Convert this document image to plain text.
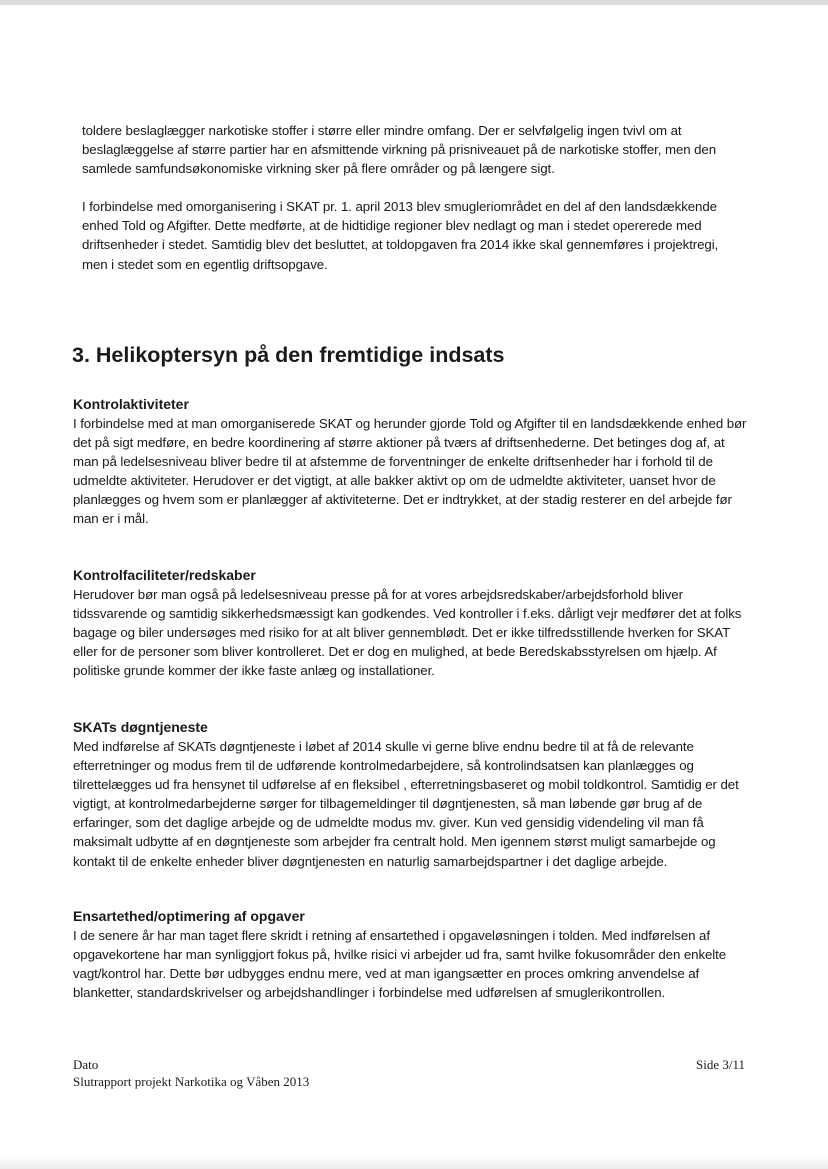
toldere beslaglægger narkotiske stoffer i større eller mindre omfang. Der er selvfølgelig ingen tvivl om at beslaglæggelse af større partier har en afsmittende virkning på prisniveauet på de narkotiske stoffer, men den samlede samfundsøkonomiske virkning sker på flere områder og på længere sigt.

I forbindelse med omorganisering i SKAT pr. 1. april 2013 blev smugleriområdet en del af den landsdækkende enhed Told og Afgifter. Dette medførte, at de hidtidige regioner blev nedlagt og man i stedet opererede med driftsenheder i stedet. Samtidig blev det besluttet, at toldopgaven fra 2014 ikke skal gennemføres i projektregi, men i stedet som en egentlig driftsopgave.

3. Helikoptersyn på den fremtidige indsats

Kontrolaktiviteter

I forbindelse med at man omorganiserede SKAT og herunder gjorde Told og Afgifter til en landsdækkende enhed bør det på sigt medføre, en bedre koordinering af større aktioner på tværs af driftsenhederne. Det betinges dog af, at man på ledelsesniveau bliver bedre til at afstemme de forventninger de enkelte driftsenheder har i forhold til de udmeldte aktiviteter. Herudover er det vigtigt, at alle bakker aktivt op om de udmeldte aktiviteter, uanset hvor de planlægges og hvem som er planlægger af aktiviteterne. Det er indtrykket, at der stadig resterer en del arbejde før man er i mål.

Kontrolfaciliteter/redskaber

Herudover bør man også på ledelsesniveau presse på for at vores arbejdsredskaber/arbejdsforhold bliver tidssvarende og samtidig sikkerhedsmæssigt kan godkendes. Ved kontroller i f.eks. dårligt vejr medfører det at folks bagage og biler undersøges med risiko for at alt bliver gennemblødt. Det er ikke tilfredsstillende hverken for SKAT eller for de personer som bliver kontrolleret. Det er dog en mulighed, at bede Beredskabsstyrelsen om hjælp. Af politiske grunde kommer der ikke faste anlæg og installationer.

SKATs døgntjeneste

Med indførelse af SKATs døgntjeneste i løbet af 2014 skulle vi gerne blive endnu bedre til at få de relevante efterretninger og modus frem til de udførende kontrolmedarbejdere, så kontrolindsatsen kan planlægges og tilrettelægges ud fra hensynet til udførelse af en fleksibel , efterretningsbaseret og mobil toldkontrol. Samtidig er det vigtigt, at kontrolmedarbejderne sørger for tilbagemeldinger til døgntjenesten, så man løbende gør brug af de erfaringer, som det daglige arbejde og de udmeldte modus mv. giver. Kun ved gensidig videndeling vil man få maksimalt udbytte af en døgntjeneste som arbejder fra centralt hold. Men igennem størst muligt samarbejde og kontakt til de enkelte enheder bliver døgntjenesten en naturlig samarbejdspartner i det daglige arbejde.

Ensartethed/optimering af opgaver

I de senere år har man taget flere skridt i retning af ensartethed i opgaveløsningen i tolden. Med indførelsen af opgavekortene har man synliggjort fokus på, hvilke risici vi arbejder ud fra, samt hvilke fokusområder den enkelte vagt/kontrol har. Dette bør udbygges endnu mere, ved at man igangsætter en proces omkring anvendelse af blanketter, standardskrivelser og arbejdshandlinger i forbindelse med udførelsen af smuglerikontrollen.

Dato
Slutrapport projekt Narkotika og Våben 2013
Side 3/11
